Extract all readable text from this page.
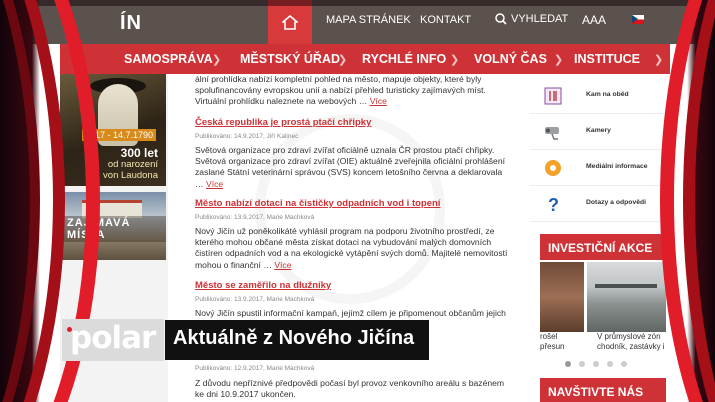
ÍN	MAPA STRÁNEK KONTAKT	VYHLEDAT AAA
SAMOSPRÁVA ❯ MĚSTSKÝ ÚŘAD
❯ RYCHLÉ INFO ❯ VOLNÝ ČAS ❯ INSTITUCE ❯
1717 - 14.7.1790
300 let
od narození
E. von Laudona
ZAJÍMAVÁ MÍSTA

ální prohlídka nabízí kompletní pohled na město, mapuje objekty, které byly spolufinancovány evropskou unií a nabízí přehled turisticky zajímavých míst. Virtuální prohlídku naleznete na webových … Více

Česká republika je prostá ptačí chřipky
Publikováno: 14.9.2017, Jiří Kalinec

Světová organizace pro zdraví zvířat oficiálně uznala ČR prostou ptačí chřipky. Světová organizace pro zdraví zvířat (OIE) aktuálně zveřejnila oficiální prohlášení zaslané Státní veterinární správou (SVS) koncem letošního června a deklarovala … Více

Město nabízí dotaci na čističky odpadních vod i topení
Publikováno: 13.9.2017, Marie Machková

Nový Jičín už poněkolikáté vyhlásil program na podporu životního prostředí, ze kterého mohou občané města získat dotaci na vybudování malých domovních čistíren odpadních vod a na ekologické vytápění svých domů. Majitelé nemovitostí mohou o finanční … Více

Město se zaměřilo na dlužníky
Publikováno: 13.9.2017, Marie Machková

Nový Jičín spustil informační kampaň, jejímž cílem je připomenout občanům jejich

Publikováno: 12.9.2017, Marie Machková

Z důvodu nepříznivé předpovědi počasí byl provoz venkovního areálu s bazénem ke dni 10.9.2017 ukončen.

Kam na oběd
Kamery
Mediální informace
?	Dotazy a odpovědi
INVESTIČNÍ AKCE
rošel
přesun
V průmyslové zón
chodník, zastávky i
NAVŠTIVTE NÁS
polar Aktuálně z Nového Jičína
